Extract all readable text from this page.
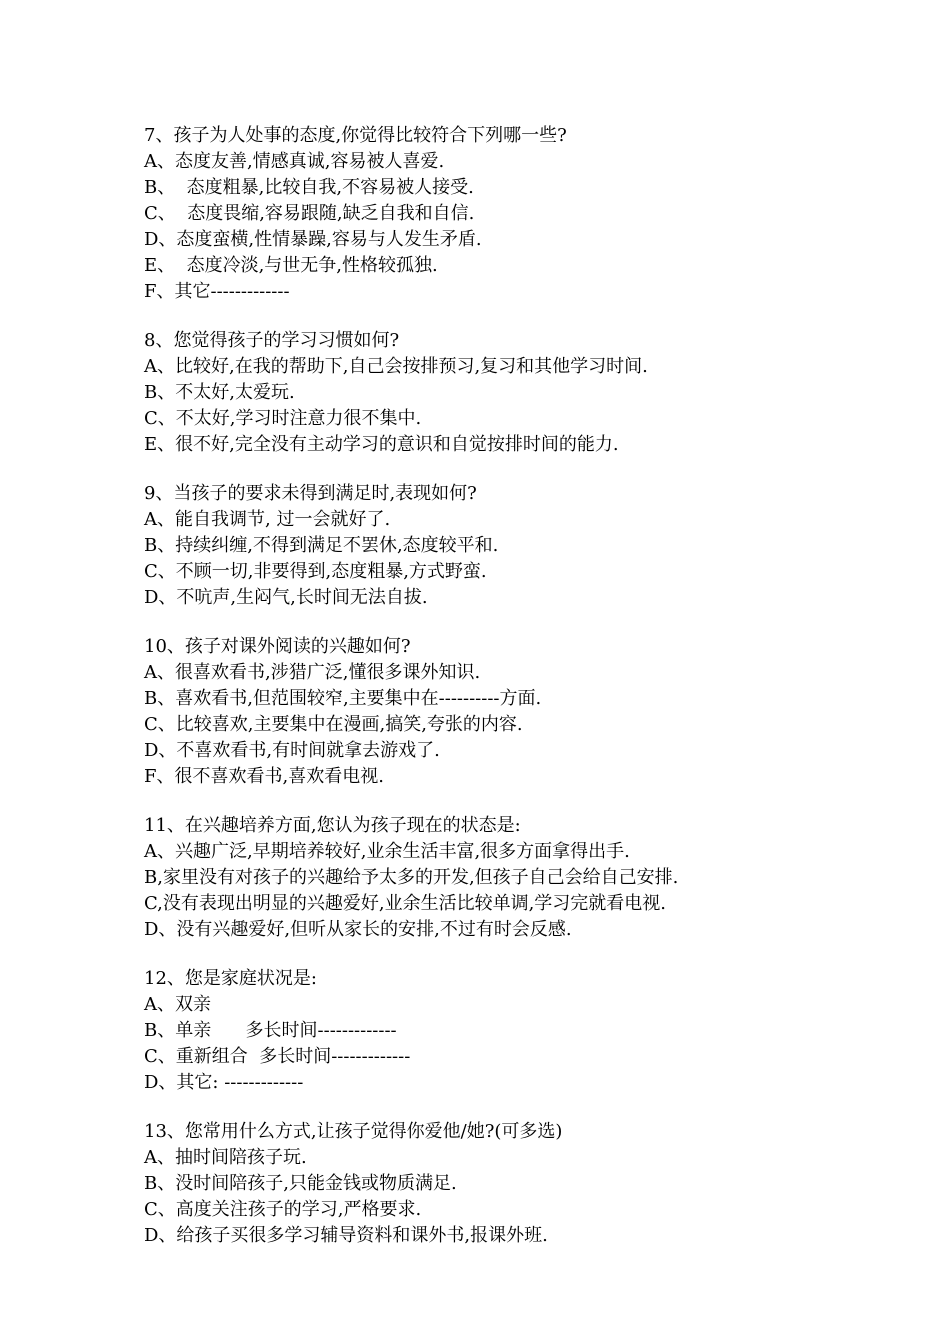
7、孩子为人处事的态度,你觉得比较符合下列哪一些?
A、态度友善,情感真诚,容易被人喜爱.
B、  态度粗暴,比较自我,不容易被人接受.
C、  态度畏缩,容易跟随,缺乏自我和自信.
D、态度蛮横,性情暴躁,容易与人发生矛盾.
E、  态度冷淡,与世无争,性格较孤独.
F、其它-------------
8、您觉得孩子的学习习惯如何?
A、比较好,在我的帮助下,自己会按排预习,复习和其他学习时间.
B、不太好,太爱玩.
C、不太好,学习时注意力很不集中.
E、很不好,完全没有主动学习的意识和自觉按排时间的能力.
9、当孩子的要求未得到满足时,表现如何?
A、能自我调节, 过一会就好了.
B、持续纠缠,不得到满足不罢休,态度较平和.
C、不顾一切,非要得到,态度粗暴,方式野蛮.
D、不吭声,生闷气,长时间无法自拔.
10、孩子对课外阅读的兴趣如何?
A、很喜欢看书,涉猎广泛,懂很多课外知识.
B、喜欢看书,但范围较窄,主要集中在----------方面.
C、比较喜欢,主要集中在漫画,搞笑,夸张的内容.
D、不喜欢看书,有时间就拿去游戏了.
F、很不喜欢看书,喜欢看电视.
11、在兴趣培养方面,您认为孩子现在的状态是:
A、兴趣广泛,早期培养较好,业余生活丰富,很多方面拿得出手.
B,家里没有对孩子的兴趣给予太多的开发,但孩子自己会给自己安排.
C,没有表现出明显的兴趣爱好,业余生活比较单调,学习完就看电视.
D、没有兴趣爱好,但听从家长的安排,不过有时会反感.
12、您是家庭状况是:
A、双亲
B、单亲      多长时间-------------
C、重新组合  多长时间-------------
D、其它: -------------
13、您常用什么方式,让孩子觉得你爱他/她?(可多选)
A、抽时间陪孩子玩.
B、没时间陪孩子,只能金钱或物质满足.
C、高度关注孩子的学习,严格要求.
D、给孩子买很多学习辅导资料和课外书,报课外班.
